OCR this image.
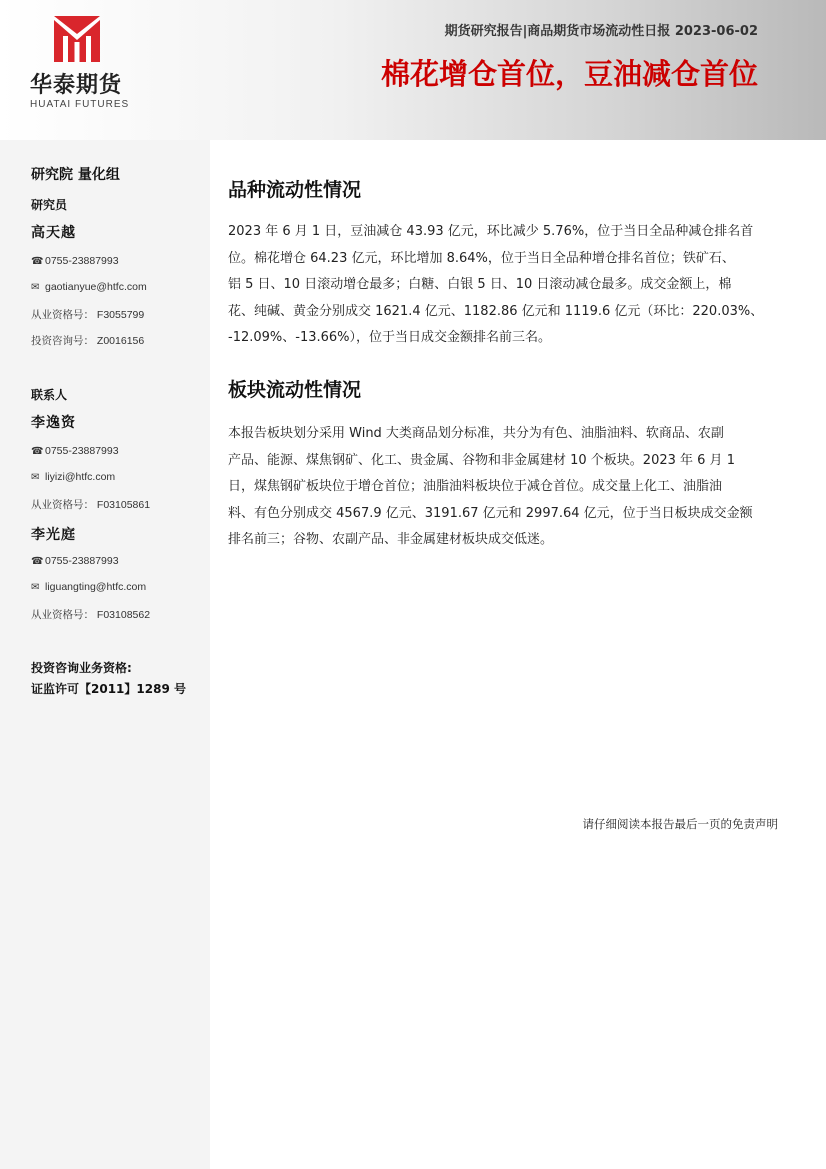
华泰期货
HUATAI FUTURES
期货研究报告|商品期货市场流动性日报 2023-06-02
棉花增仓首位，豆油减仓首位
研究院 量化组
研究员
高天越
☎ 0755-23887993
✉ gaotianyue@htfc.com
从业资格号： F3055799
投资咨询号： Z0016156
联系人
李逸资
☎ 0755-23887993
✉ liyizi@htfc.com
从业资格号： F03105861
李光庭
☎ 0755-23887993
✉ liguangting@htfc.com
从业资格号： F03108562
投资咨询业务资格:
证监许可【2011】1289 号
品种流动性情况
2023 年 6 月 1 日，豆油减仓 43.93 亿元，环比减少 5.76%，位于当日全品种减仓排名首
位。棉花增仓 64.23 亿元，环比增加 8.64%，位于当日全品种增仓排名首位；铁矿石、
铝 5 日、10 日滚动增仓最多；白糖、白银 5 日、10 日滚动减仓最多。成交金额上，棉
花、纯碱、黄金分别成交 1621.4 亿元、1182.86 亿元和 1119.6 亿元（环比：220.03%、
-12.09%、-13.66%），位于当日成交金额排名前三名。
板块流动性情况
本报告板块划分采用 Wind 大类商品划分标准，共分为有色、油脂油料、软商品、农副
产品、能源、煤焦钢矿、化工、贵金属、谷物和非金属建材 10 个板块。2023 年 6 月 1
日，煤焦钢矿板块位于增仓首位；油脂油料板块位于减仓首位。成交量上化工、油脂油
料、有色分别成交 4567.9 亿元、3191.67 亿元和 2997.64 亿元，位于当日板块成交金额
排名前三；谷物、农副产品、非金属建材板块成交低迷。
请仔细阅读本报告最后一页的免责声明
